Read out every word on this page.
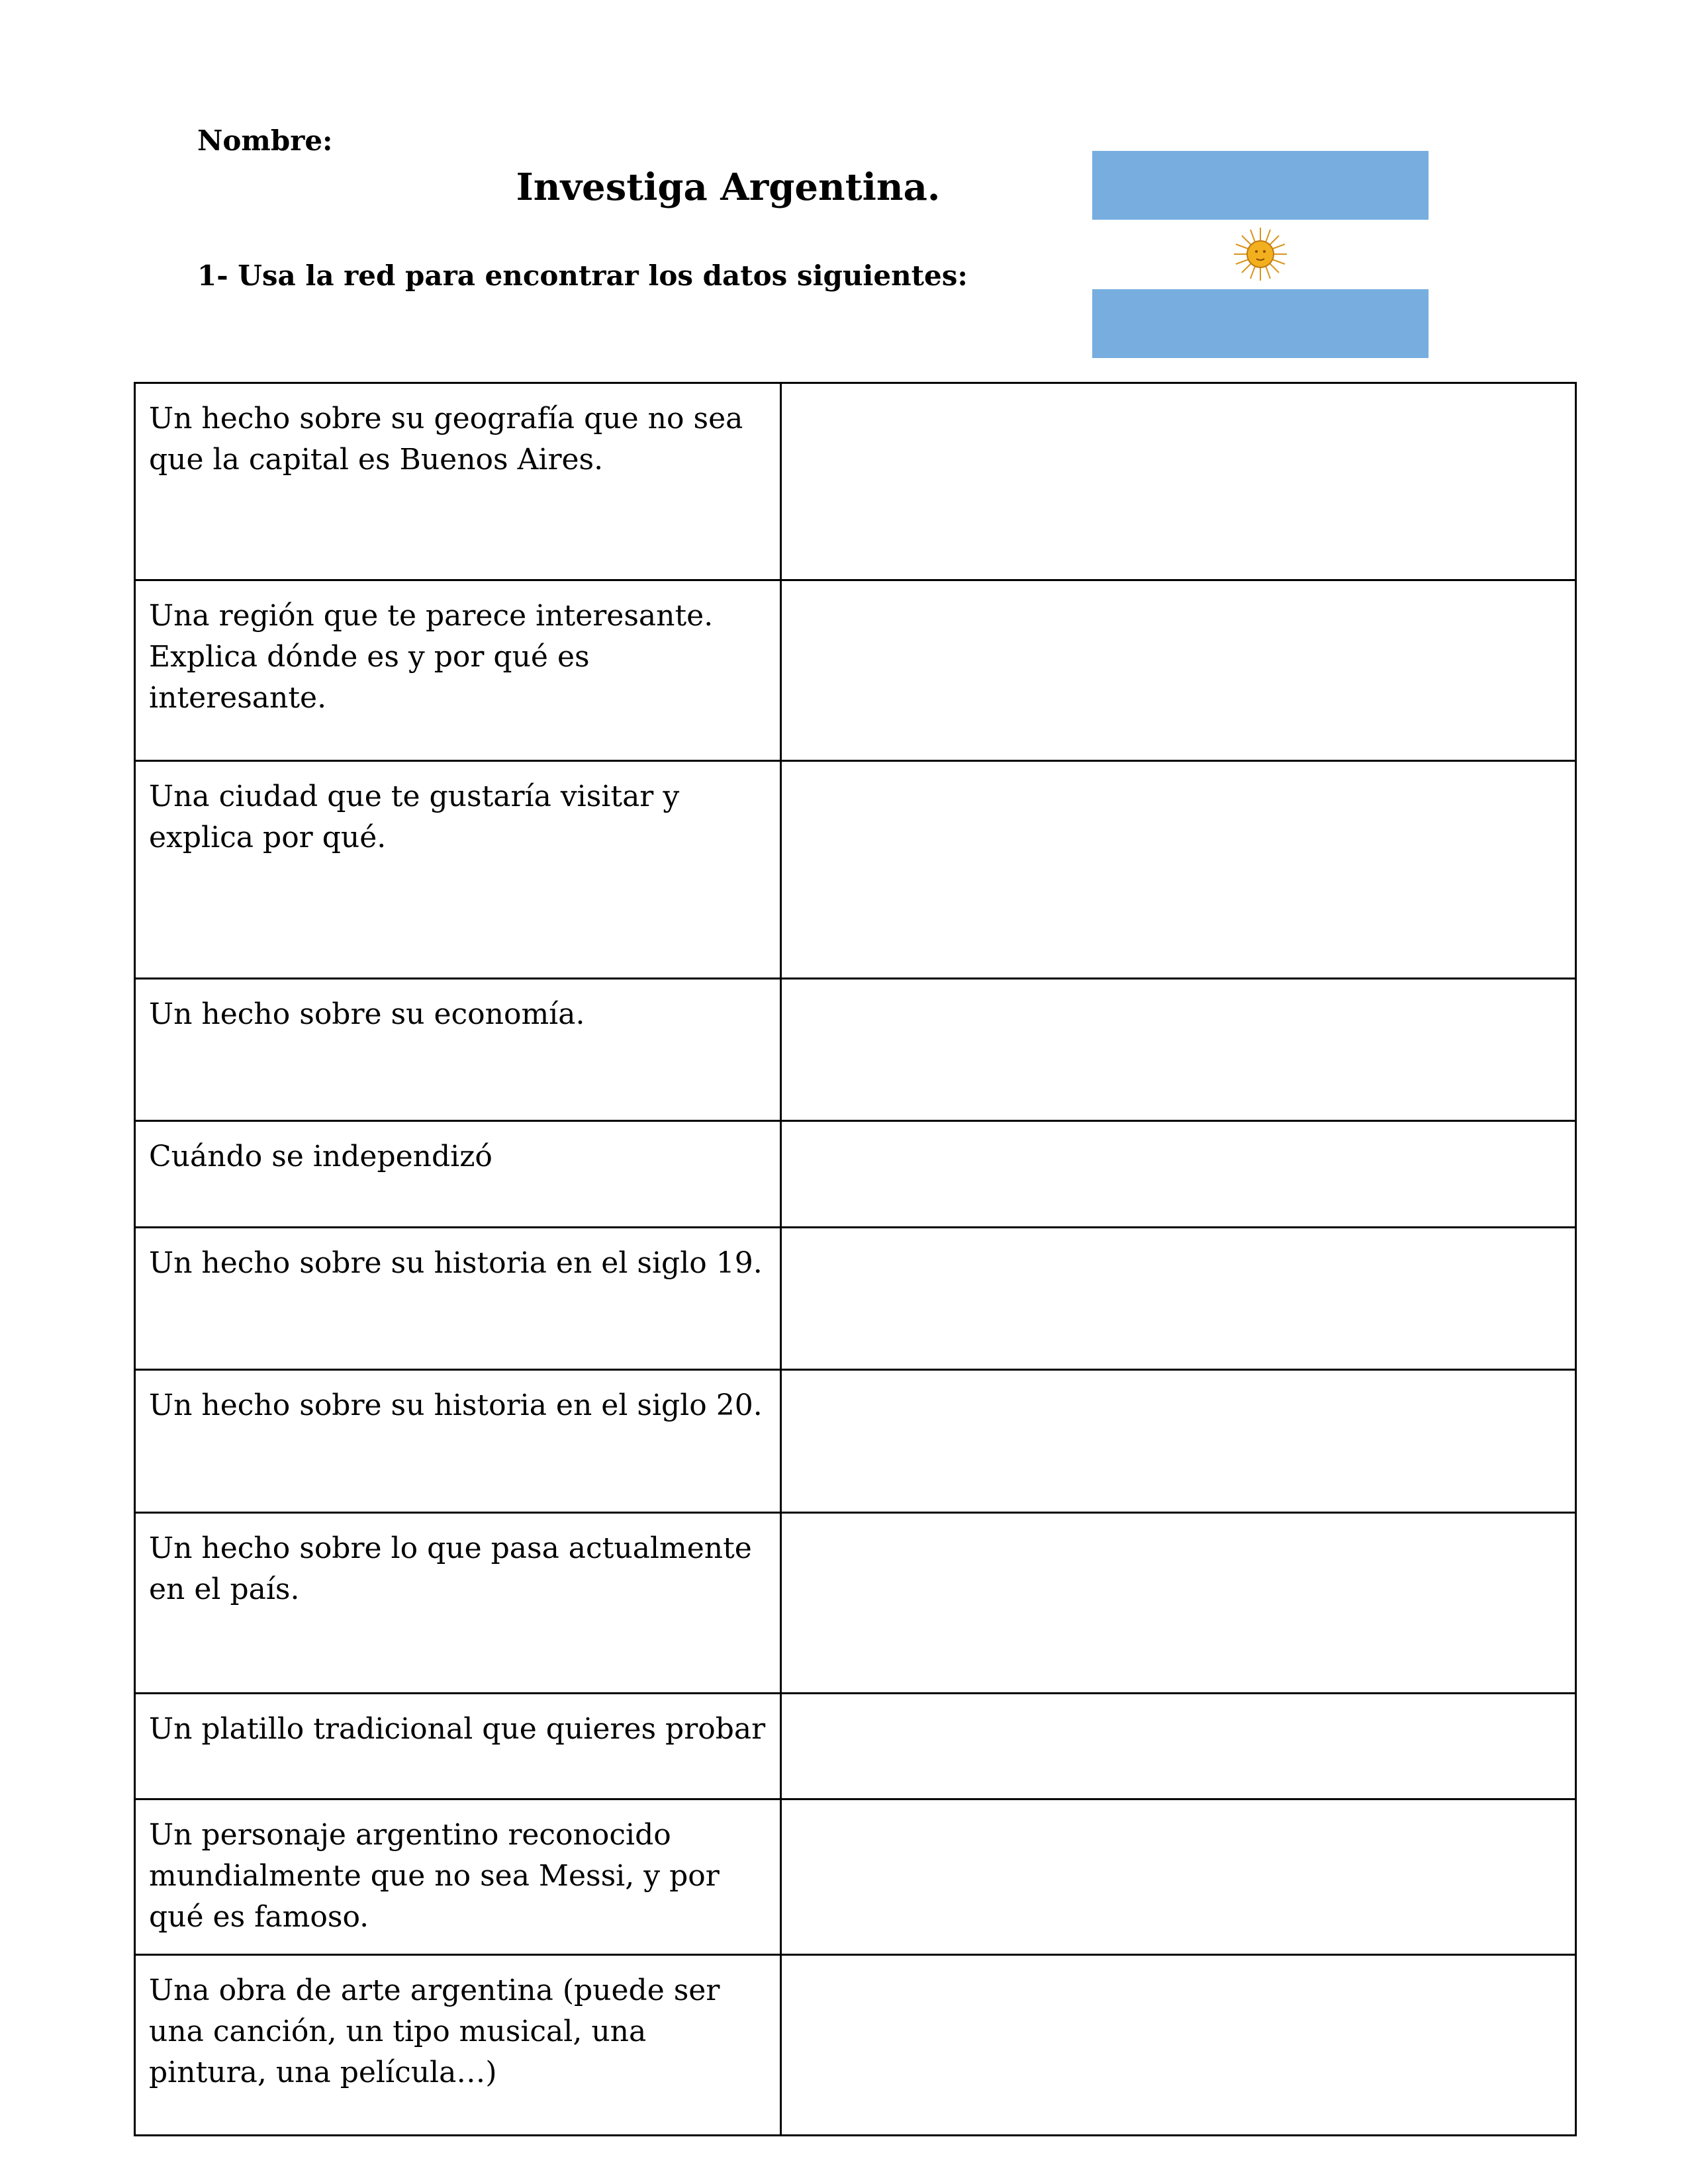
Nombre:
Investiga Argentina.
1- Usa la red para encontrar los datos siguientes:
Un hecho sobre su geografía que no sea que la capital es Buenos Aires.	
Una región que te parece interesante. Explica dónde es y por qué es interesante.	
Una ciudad que te gustaría visitar y explica por qué.	
Un hecho sobre su economía.	
Cuándo se independizó	
Un hecho sobre su historia en el siglo 19.	
Un hecho sobre su historia en el siglo 20.	
Un hecho sobre lo que pasa actualmente en el país.	
Un platillo tradicional que quieres probar	
Un personaje argentino reconocido mundialmente que no sea Messi, y por qué es famoso.	
Una obra de arte argentina (puede ser una canción, un tipo musical, una pintura, una película…)	
